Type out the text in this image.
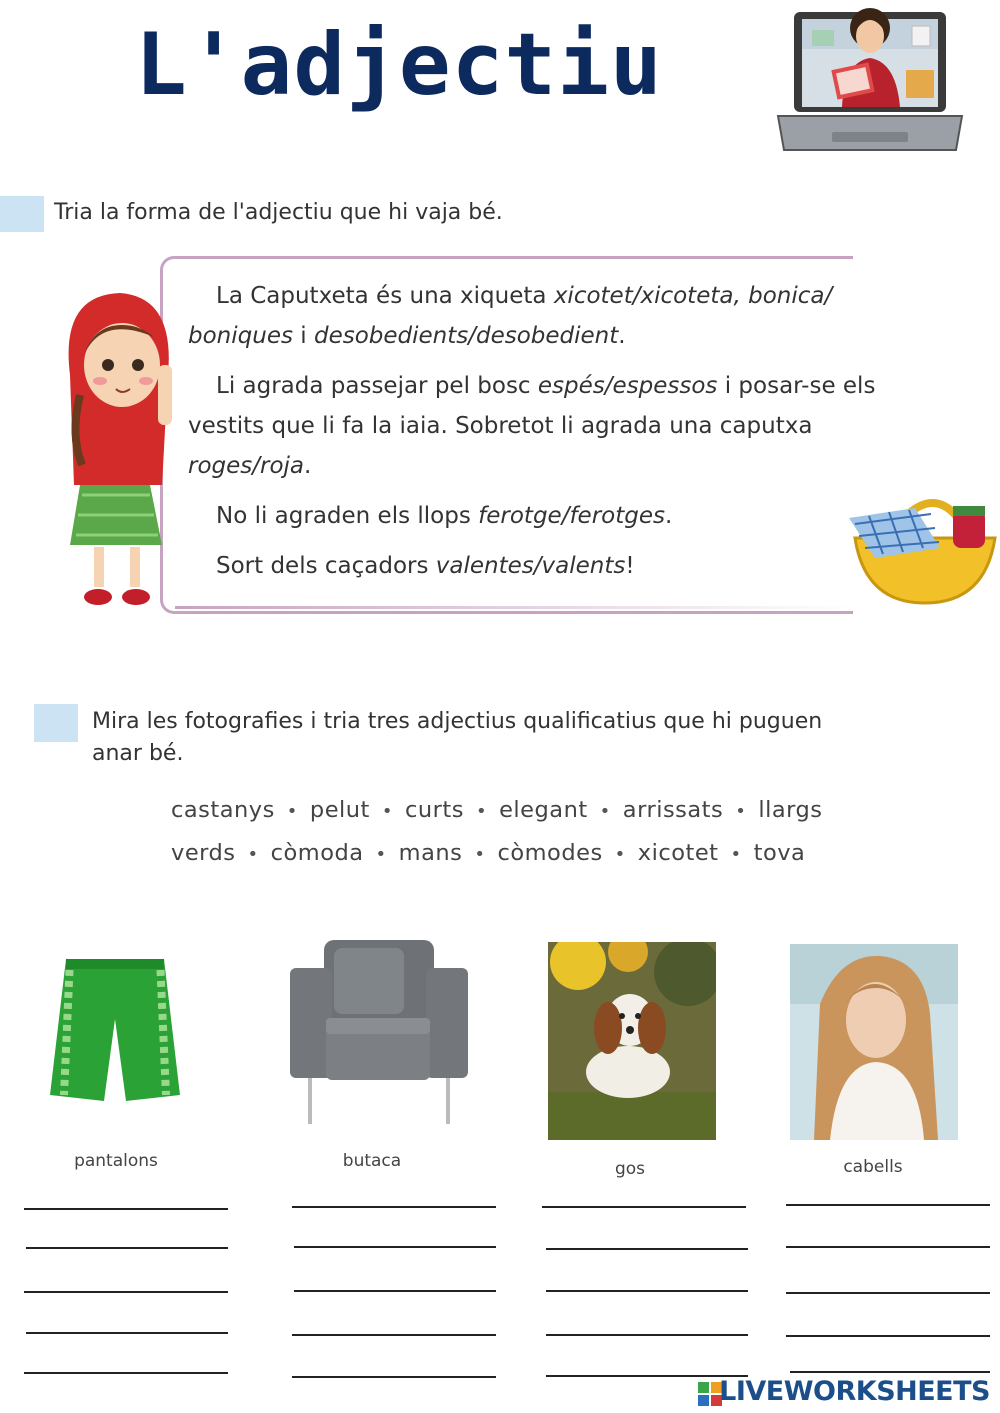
L'adjectiu
Tria la forma de l'adjectiu que hi vaja bé.

La Caputxeta és una xiqueta xicotet/xicoteta, bonica/

boniques i desobedients/desobedient.

Li agrada passejar pel bosc espés/espessos i posar-se els

vestits que li fa la iaia. Sobretot li agrada una caputxa

roges/roja.

No li agraden els llops ferotge/ferotges.

Sort dels caçadors valentes/valents!

Mira les fotografies i tria tres adjectius qualificatius que hi puguen
anar bé.
castanys • pelut • curts • elegant • arrissats • llargs
verds • còmoda • mans • còmodes • xicotet • tova
pantalons	butaca	gos	cabells
LIVEWORKSHEETS
